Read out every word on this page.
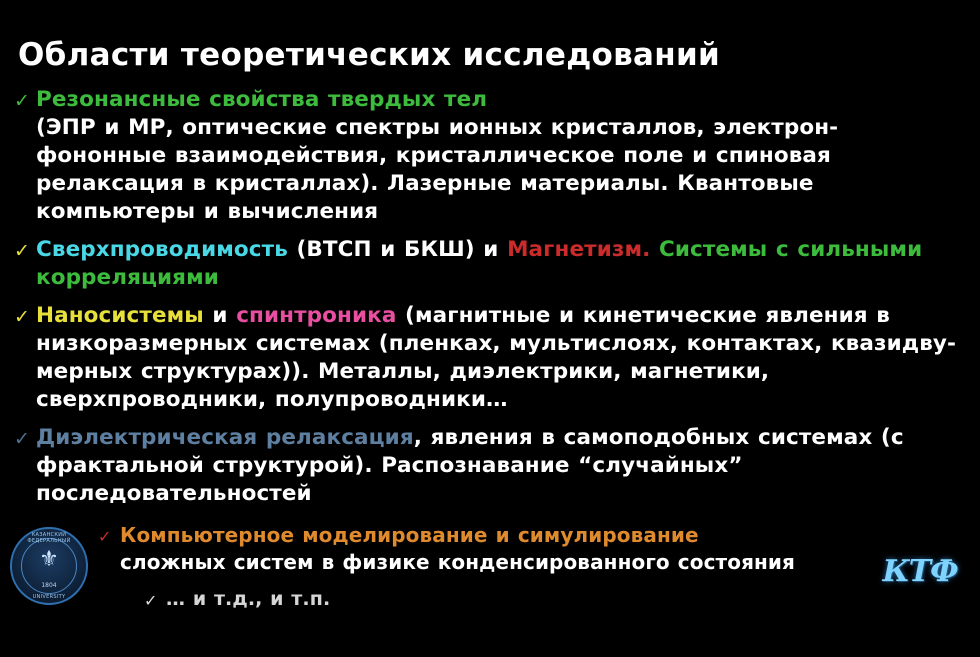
Области теоретических исследований
✓ Резонансные свойства твердых тел
(ЭПР и МР, оптические спектры ионных кристаллов, электрон-фононные взаимодействия, кристаллическое поле и спиновая релаксация в кристаллах). Лазерные материалы. Квантовые компьютеры и вычисления
✓ Сверхпроводимость (ВТСП и БКШ) и Магнетизм. Системы с сильными корреляциями
✓ Наносистемы и спинтроника (магнитные и кинетические явления в низкоразмерных системах (пленках, мультислоях, контактах, квазидву-мерных структурах)). Металлы, диэлектрики, магнетики, сверхпроводники, полупроводники…
✓ Диэлектрическая релаксация, явления в самоподобных системах (с фрактальной структурой). Распознавание “случайных” последовательностей
✓ Компьютерное моделирование и симулирование
сложных систем в физике конденсированного состояния
✓ … и т.д., и т.п.
КАЗАНСКИЙ ФЕДЕРАЛЬНЫЙ
⚜
1804
UNIVERSITY
КТФ
